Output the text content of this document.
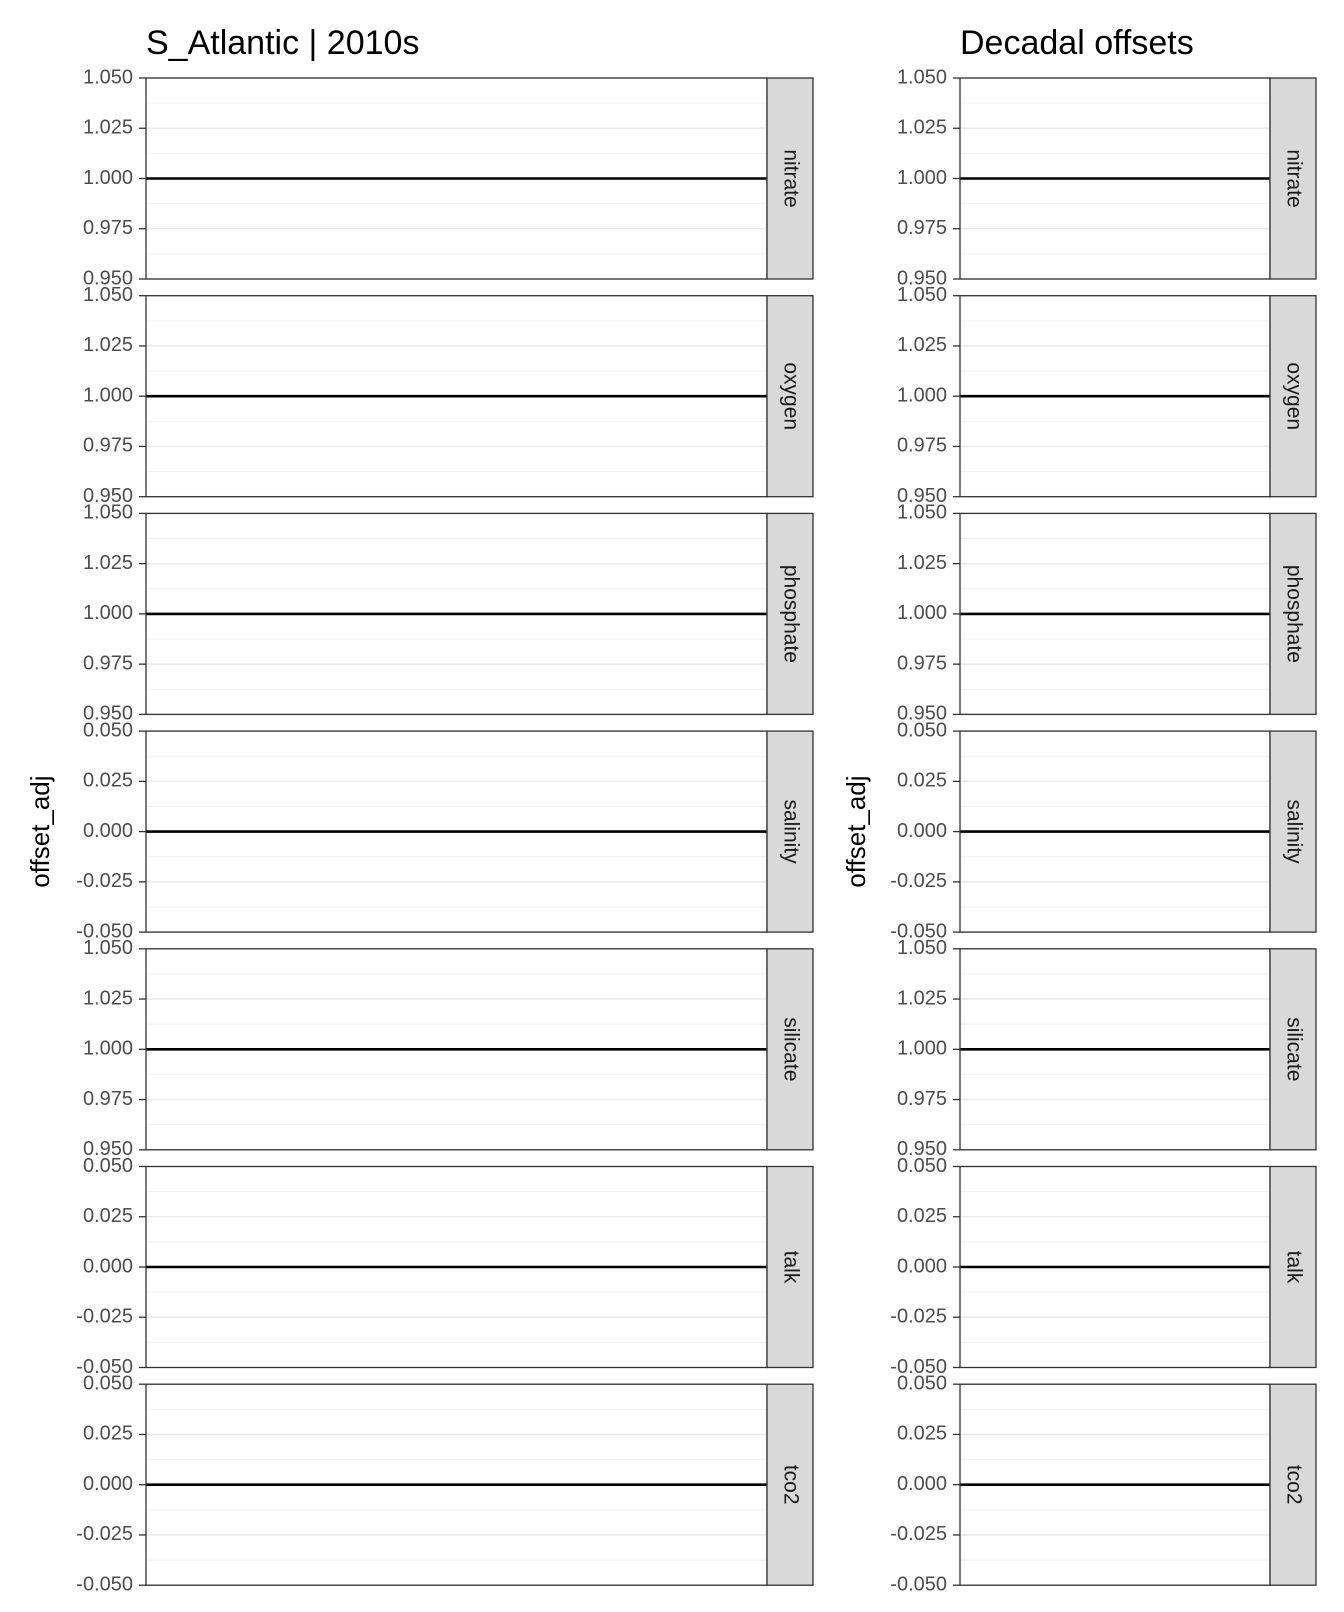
S_Atlantic | 2010s
offset_adj
0.950
0.975
1.000
1.025
1.050
nitrate
0.950
0.975
1.000
1.025
1.050
oxygen
0.950
0.975
1.000
1.025
1.050
phosphate
-0.050
-0.025
0.000
0.025
0.050
salinity
0.950
0.975
1.000
1.025
1.050
silicate
-0.050
-0.025
0.000
0.025
0.050
talk
-0.050
-0.025
0.000
0.025
0.050
tco2
Decadal offsets
offset_adj
0.950
0.975
1.000
1.025
1.050
nitrate
0.950
0.975
1.000
1.025
1.050
oxygen
0.950
0.975
1.000
1.025
1.050
phosphate
-0.050
-0.025
0.000
0.025
0.050
salinity
0.950
0.975
1.000
1.025
1.050
silicate
-0.050
-0.025
0.000
0.025
0.050
talk
-0.050
-0.025
0.000
0.025
0.050
tco2
